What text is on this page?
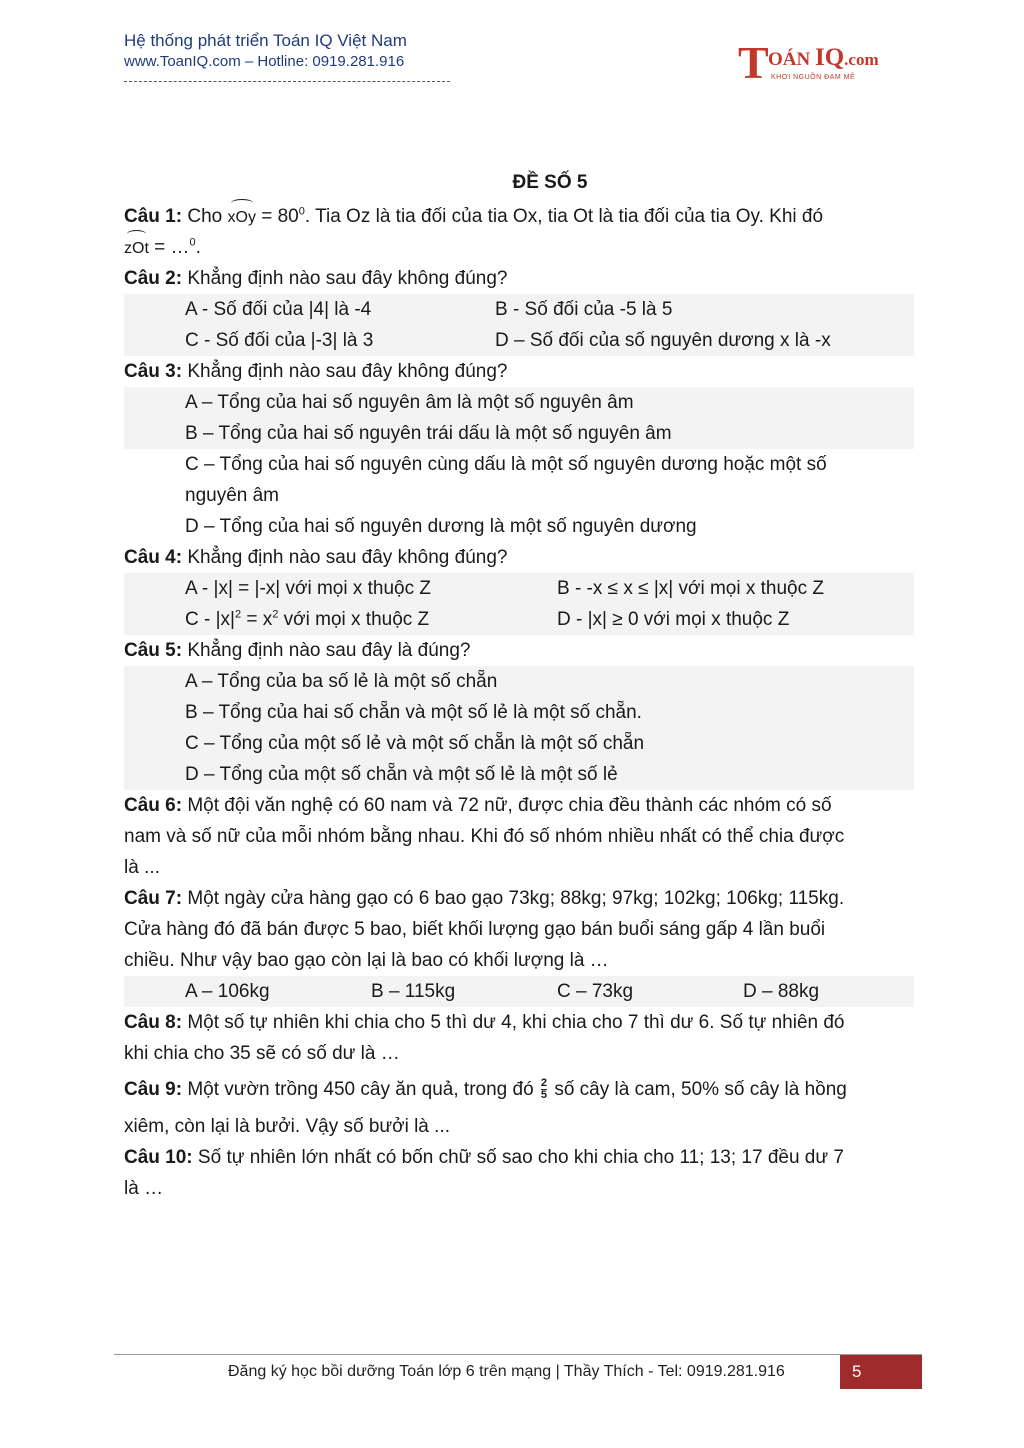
Hệ thống phát triển Toán IQ Việt Nam
www.ToanIQ.com – Hotline: 0919.281.916	T OÁN IQ.com
KHƠI NGUỒN ĐAM MÊ
ĐỀ SỐ 5
Câu 1: Cho xOy = $80^0$. Tia Oz là tia đối của tia Ox, tia Ot là tia đối của tia Oy. Khi đó
zOt = …$^0$.
Câu 2: Khẳng định nào sau đây không đúng?
A - Số đối của |4| là -4	B - Số đối của -5 là 5
C - Số đối của |-3| là 3	D – Số đối của số nguyên dương x là -x
Câu 3: Khẳng định nào sau đây không đúng?
A – Tổng của hai số nguyên âm là một số nguyên âm
B – Tổng của hai số nguyên trái dấu là một số nguyên âm
C – Tổng của hai số nguyên cùng dấu là một số nguyên dương hoặc một số
nguyên âm
D – Tổng của hai số nguyên dương là một số nguyên dương
Câu 4: Khẳng định nào sau đây không đúng?
A - |x| = |-x| với mọi x thuộc Z	B - -x ≤ x ≤ |x| với mọi x thuộc Z
$C - |x|^2 = x^2$ với mọi x thuộc Z	D - |x| ≥ 0 với mọi x thuộc Z
Câu 5: Khẳng định nào sau đây là đúng?
A – Tổng của ba số lẻ là một số chẵn
B – Tổng của hai số chẵn và một số lẻ là một số chẵn.
C – Tổng của một số lẻ và một số chẵn là một số chẵn
D – Tổng của một số chẵn và một số lẻ là một số lẻ
Câu 6: Một đội văn nghệ có 60 nam và 72 nữ, được chia đều thành các nhóm có số
nam và số nữ của mỗi nhóm bằng nhau. Khi đó số nhóm nhiều nhất có thể chia được
là ...
Câu 7: Một ngày cửa hàng gạo có 6 bao gạo 73kg; 88kg; 97kg; 102kg; 106kg; 115kg.
Cửa hàng đó đã bán được 5 bao, biết khối lượng gạo bán buổi sáng gấp 4 lần buổi
chiều. Như vậy bao gạo còn lại là bao có khối lượng là …
A – 106kg	B – 115kg	C – 73kg	D – 88kg
Câu 8: Một số tự nhiên khi chia cho 5 thì dư 4, khi chia cho 7 thì dư 6. Số tự nhiên đó
khi chia cho 35 sẽ có số dư là …
Câu 9: Một vườn trồng 450 cây ăn quả, trong đó $\frac{2}{5}$ số cây là cam, 50% số cây là hồng
xiêm, còn lại là bưởi. Vậy số bưởi là ...
Câu 10: Số tự nhiên lớn nhất có bốn chữ số sao cho khi chia cho 11; 13; 17 đều dư 7
là …
Đăng ký học bồi dưỡng Toán lớp 6 trên mạng | Thầy Thích - Tel: 0919.281.916	5
